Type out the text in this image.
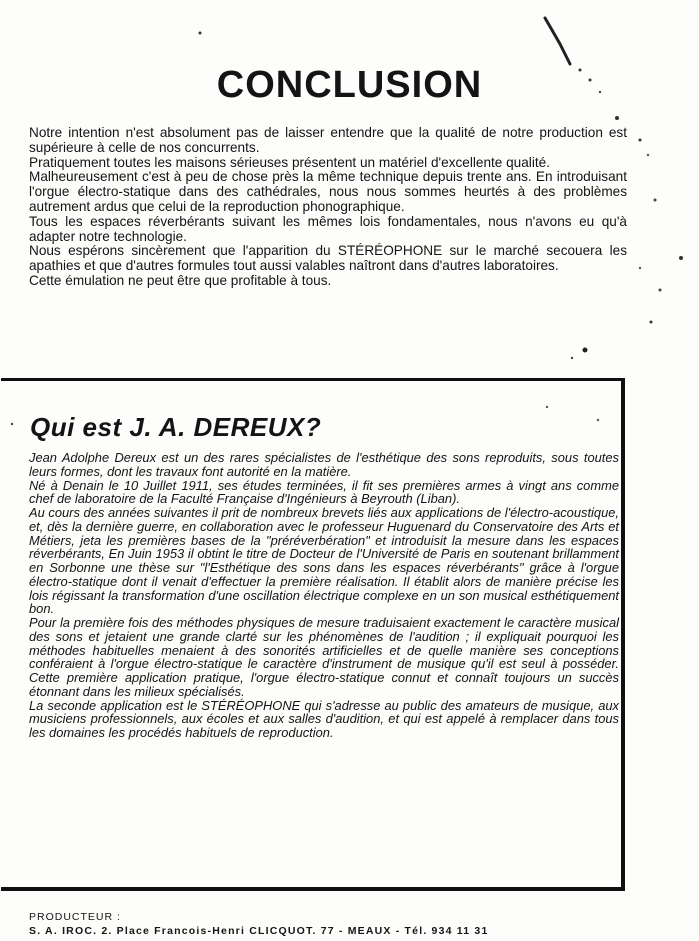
CONCLUSION

Notre intention n'est absolument pas de laisser entendre que la qualité de notre production est supérieure à celle de nos concurrents.

Pratiquement toutes les maisons sérieuses présentent un matériel d'excellente qualité.

Malheureusement c'est à peu de chose près la même technique depuis trente ans. En introduisant l'orgue électro-statique dans des cathédrales, nous nous sommes heurtés à des problèmes autrement ardus que celui de la reproduction phonographique.

Tous les espaces réverbérants suivant les mêmes lois fondamentales, nous n'avons eu qu'à adapter notre technologie.

Nous espérons sincèrement que l'apparition du STÉRÉOPHONE sur le marché secouera les apathies et que d'autres formules tout aussi valables naîtront dans d'autres laboratoires.

Cette émulation ne peut être que profitable à tous.

Qui est J. A. DEREUX?

Jean Adolphe Dereux est un des rares spécialistes de l'esthétique des sons reproduits, sous toutes leurs formes, dont les travaux font autorité en la matière.

Né à Denain le 10 Juillet 1911, ses études terminées, il fit ses premières armes à vingt ans comme chef de laboratoire de la Faculté Française d'Ingénieurs à Beyrouth (Liban).

Au cours des années suivantes il prit de nombreux brevets liés aux applications de l'électro-acoustique, et, dès la dernière guerre, en collaboration avec le professeur Huguenard du Conservatoire des Arts et Métiers, jeta les premières bases de la "préréverbération" et introduisit la mesure dans les espaces réverbérants, En Juin 1953 il obtint le titre de Docteur de l'Université de Paris en soutenant brillamment en Sorbonne une thèse sur "l'Esthétique des sons dans les espaces réverbérants" grâce à l'orgue électro-statique dont il venait d'effectuer la première réalisation. Il établit alors de manière précise les lois régissant la transformation d'une oscillation électrique complexe en un son musical esthétiquement bon.

Pour la première fois des méthodes physiques de mesure traduisaient exactement le caractère musical des sons et jetaient une grande clarté sur les phénomènes de l'audition ; il expliquait pourquoi les méthodes habituelles menaient à des sonorités artificielles et de quelle manière ses conceptions conféraient à l'orgue électro-statique le caractère d'instrument de musique qu'il est seul à posséder. Cette première application pratique, l'orgue électro-statique connut et connaît toujours un succès étonnant dans les milieux spécialisés.

La seconde application est le STÉRÉOPHONE qui s'adresse au public des amateurs de musique, aux musiciens professionnels, aux écoles et aux salles d'audition, et qui est appelé à remplacer dans tous les domaines les procédés habituels de reproduction.

PRODUCTEUR :
S. A. IROC. 2. Place Francois-Henri CLICQUOT. 77 - MEAUX - Tél. 934 11 31
